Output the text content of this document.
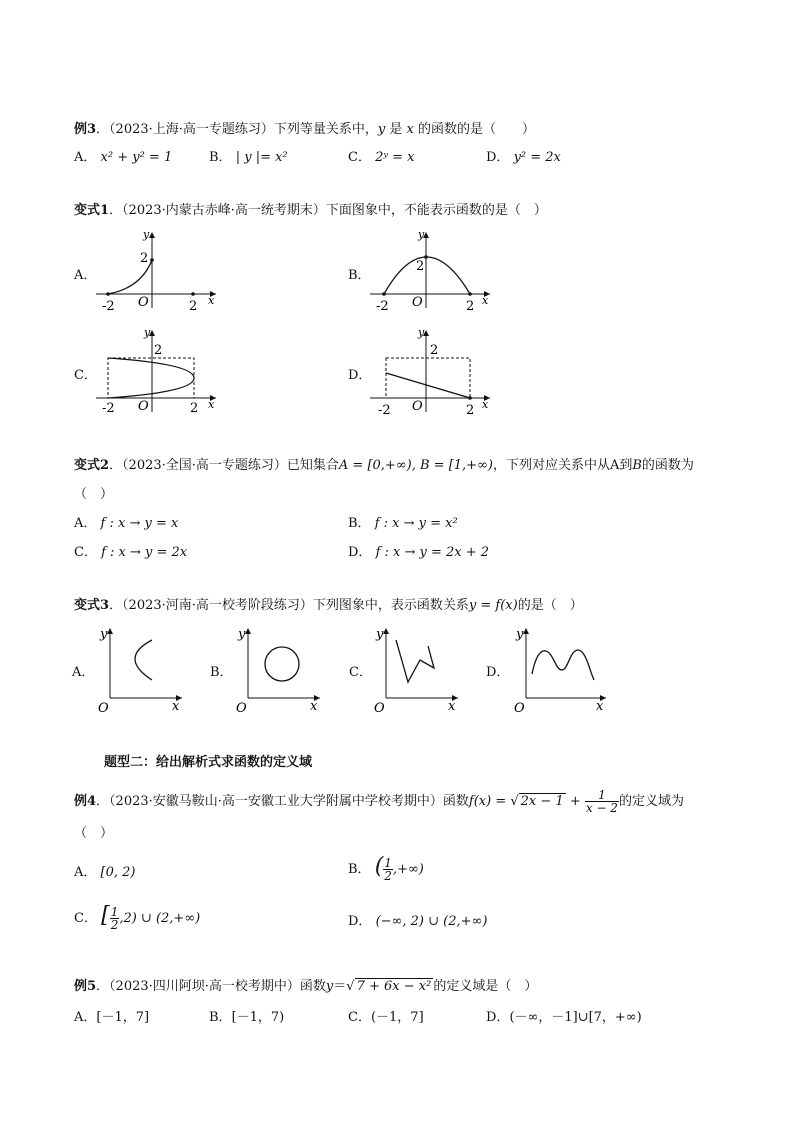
例3．（2023·上海·高一专题练习）下列等量关系中，y 是 x 的函数的是（　　）
A． x² + y² = 1	B． | y |= x²	C． 2ʸ = x	D． y² = 2x
变式1．（2023·内蒙古赤峰·高一统考期末）下面图象中，不能表示函数的是（　）
A．	B．
C．	D．
y
2
-2 O	2 x
y
2
-2 O	2 x
y
2
-2 O	2 x
y
2
-2 O	2 x
变式2．（2023·全国·高一专题练习）已知集合A = [0,+∞), B = [1,+∞)，下列对应关系中从A到B的函数为
（　）
A． f : x → y = x	B． f : x → y = x²
C． f : x → y = 2x	D． f : x → y = 2x + 2
变式3．（2023·河南·高一校考阶段练习）下列图象中，表示函数关系y = f(x)的是（　）
A．	B．	C．	D．
y
O	x
y
O	x
y
O	x
y
O	x
题型二：给出解析式求函数的定义域
例4．（2023·安徽马鞍山·高一安徽工业大学附属中学校考期中）函数f(x) = √ $2x - 1 + \frac{1}{x - 2}$ 的定义域为
（　）
A． [0, 2)	B． ( $\frac{1}{2}$ ,+∞)
C． [ $\frac{1}{2} ,2$) ∪ (2,+∞)	D． (−∞, 2) ∪ (2,+∞)
例5．（2023·四川阿坝·高一校考期中）函数y＝√ 7 + 6x − x² 的定义域是（　）
A．[－1，7]	B．[－1，7)	C．(－1，7]	D．(－∞，－1]∪[7，+∞)
